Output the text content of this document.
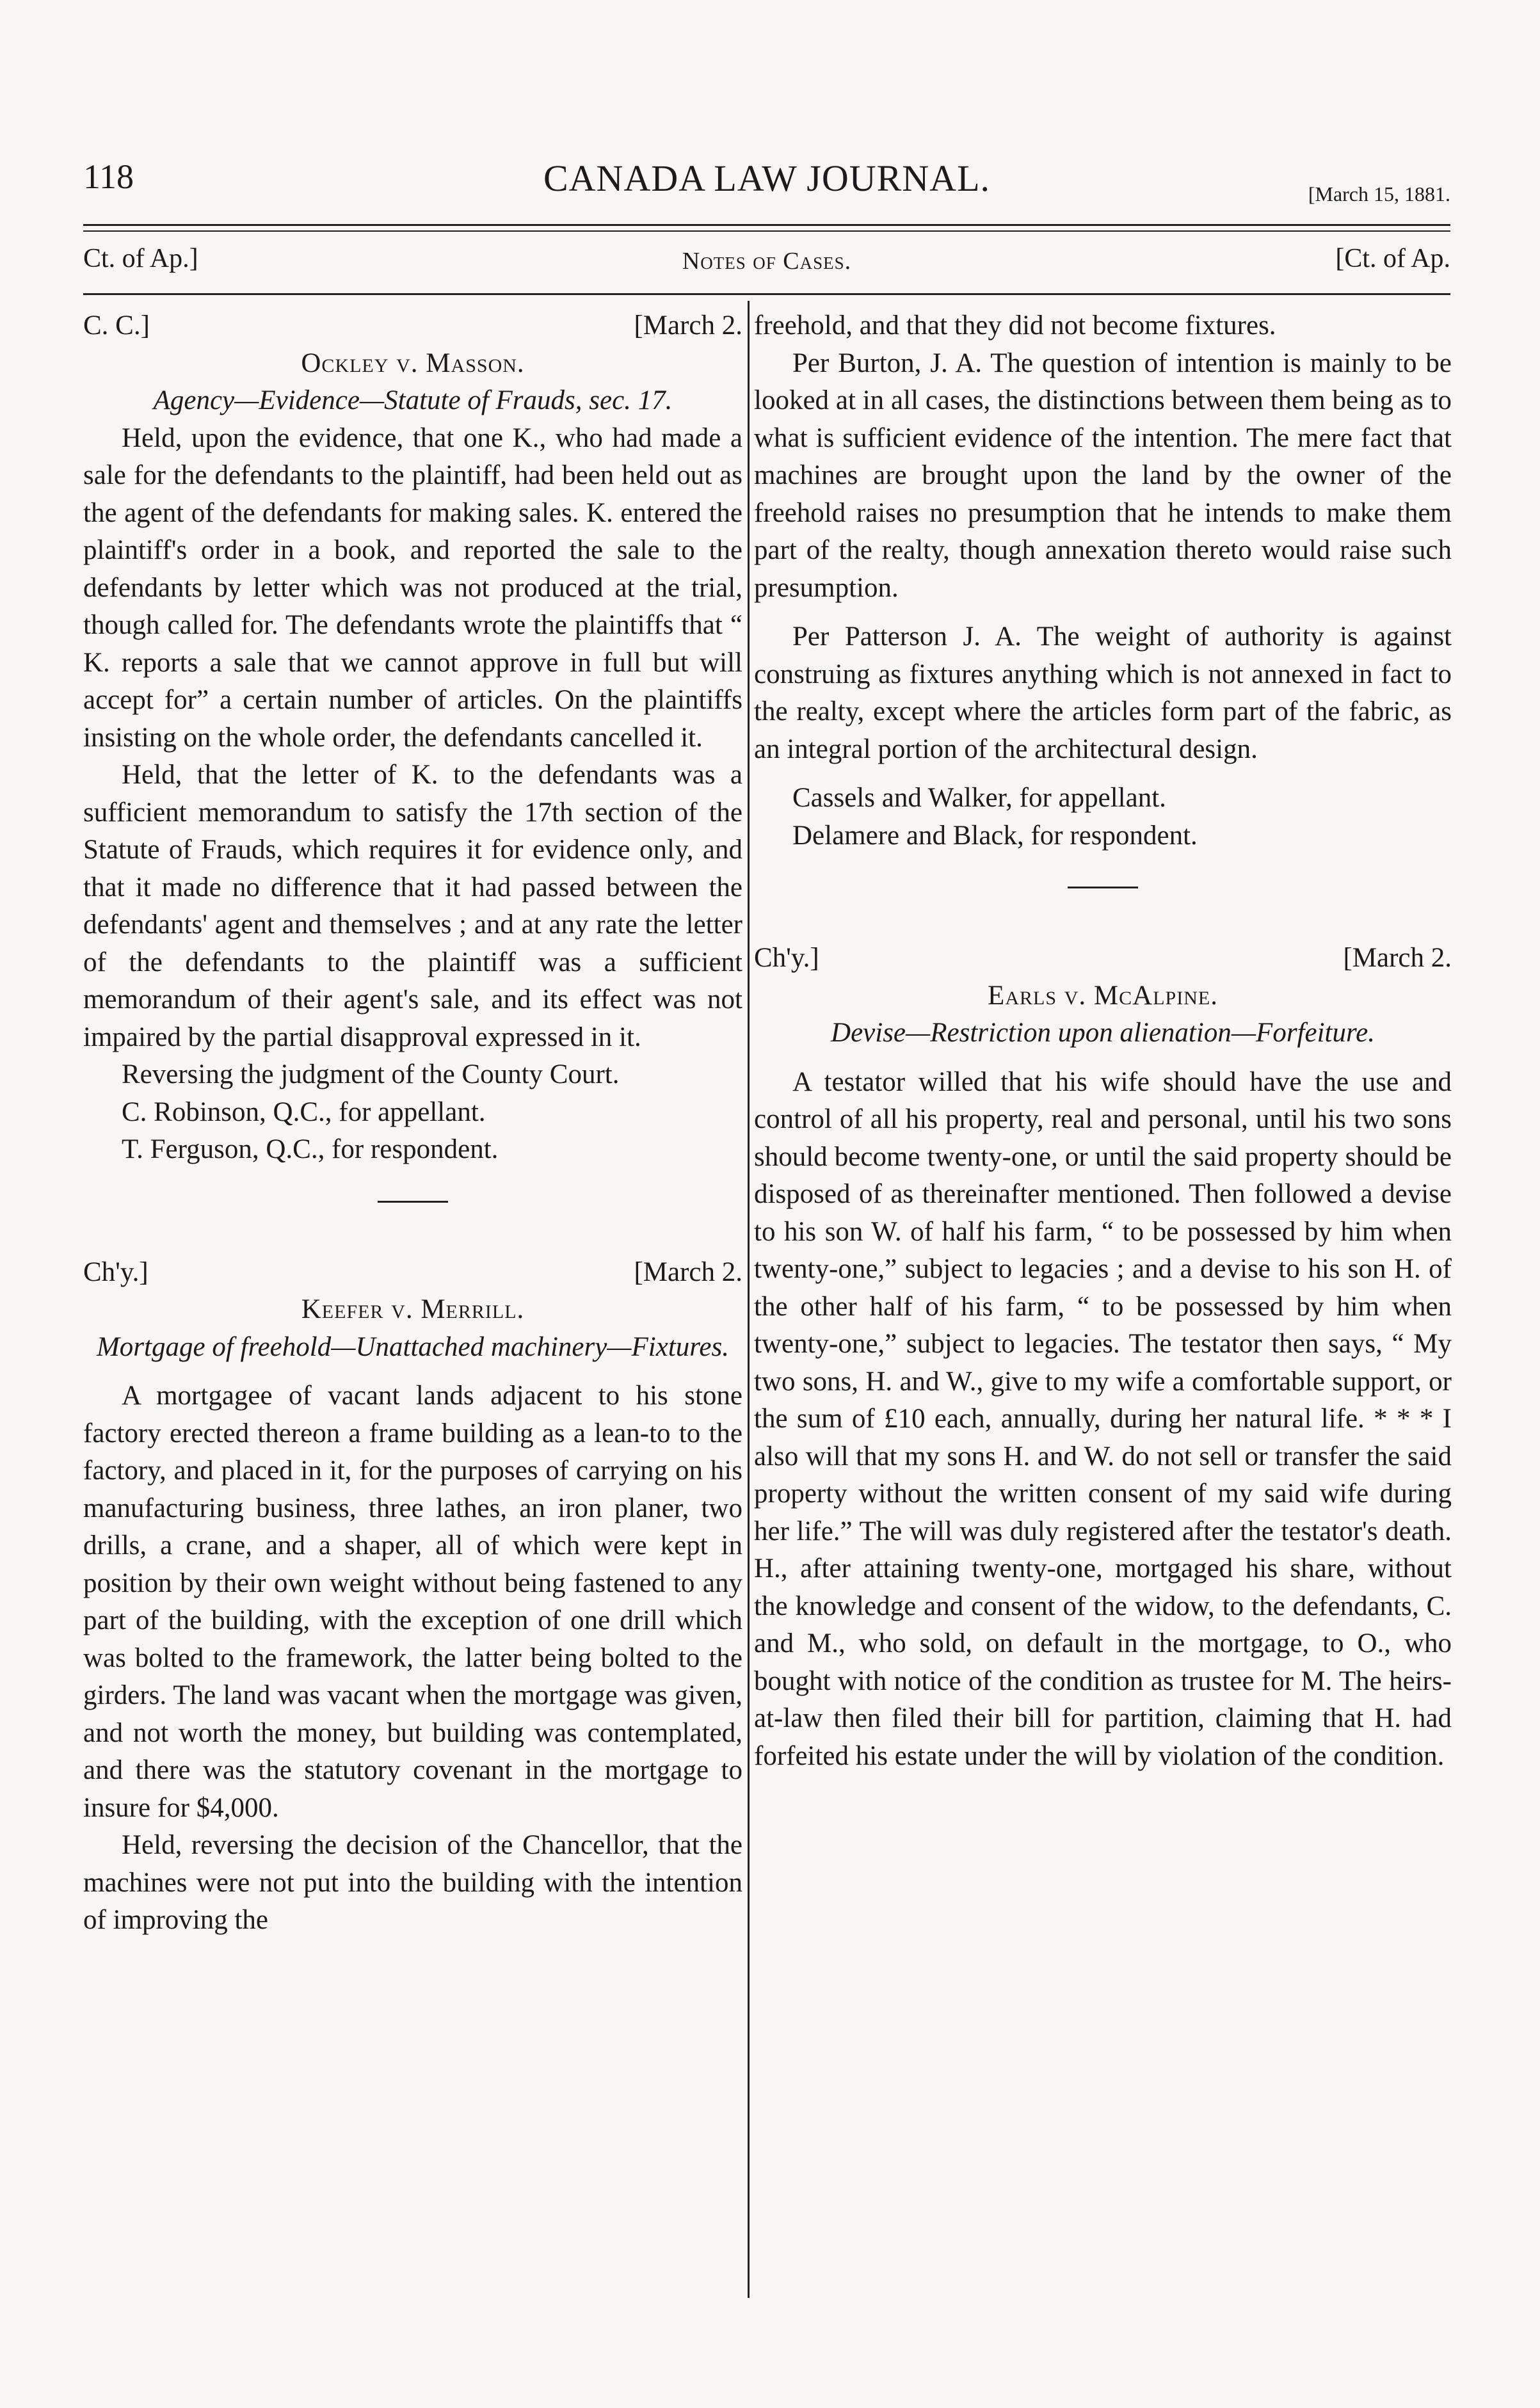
118	CANADA LAW JOURNAL.	[March 15, 1881.
Ct. of Ap.]	Notes of Cases.	[Ct. of Ap.
C. C.]	[March 2.

Ockley v. Masson.

Agency—Evidence—Statute of Frauds, sec. 17.

Held, upon the evidence, that one K., who had made a sale for the defendants to the plaintiff, had been held out as the agent of the defendants for making sales. K. entered the plaintiff's order in a book, and reported the sale to the defendants by letter which was not produced at the trial, though called for. The defendants wrote the plaintiffs that “ K. reports a sale that we cannot approve in full but will accept for” a certain number of articles. On the plaintiffs insisting on the whole order, the defendants cancelled it.

Held, that the letter of K. to the defendants was a sufficient memorandum to satisfy the 17th section of the Statute of Frauds, which requires it for evidence only, and that it made no difference that it had passed between the defendants' agent and themselves ; and at any rate the letter of the defendants to the plaintiff was a sufficient memorandum of their agent's sale, and its effect was not impaired by the partial disapproval expressed in it.

Reversing the judgment of the County Court.

C. Robinson, Q.C., for appellant.

T. Ferguson, Q.C., for respondent.

Ch'y.]	[March 2.

Keefer v. Merrill.

Mortgage of freehold—Unattached machinery—Fixtures.

A mortgagee of vacant lands adjacent to his stone factory erected thereon a frame building as a lean-to to the factory, and placed in it, for the purposes of carrying on his manufacturing business, three lathes, an iron planer, two drills, a crane, and a shaper, all of which were kept in position by their own weight without being fastened to any part of the building, with the exception of one drill which was bolted to the framework, the latter being bolted to the girders. The land was vacant when the mortgage was given, and not worth the money, but building was contemplated, and there was the statutory covenant in the mortgage to insure for $4,000.

Held, reversing the decision of the Chancellor, that the machines were not put into the building with the intention of improving the

freehold, and that they did not become fixtures.

Per Burton, J. A. The question of intention is mainly to be looked at in all cases, the distinctions between them being as to what is sufficient evidence of the intention. The mere fact that machines are brought upon the land by the owner of the freehold raises no presumption that he intends to make them part of the realty, though annexation thereto would raise such presumption.

Per Patterson J. A. The weight of authority is against construing as fixtures anything which is not annexed in fact to the realty, except where the articles form part of the fabric, as an integral portion of the architectural design.

Cassels and Walker, for appellant.

Delamere and Black, for respondent.

Ch'y.]	[March 2.

Earls v. McAlpine.

Devise—Restriction upon alienation—Forfeiture.

A testator willed that his wife should have the use and control of all his property, real and personal, until his two sons should become twenty-one, or until the said property should be disposed of as thereinafter mentioned. Then followed a devise to his son W. of half his farm, “ to be possessed by him when twenty-one,” subject to legacies ; and a devise to his son H. of the other half of his farm, “ to be possessed by him when twenty-one,” subject to legacies. The testator then says, “ My two sons, H. and W., give to my wife a comfortable support, or the sum of £10 each, annually, during her natural life. * * * I also will that my sons H. and W. do not sell or transfer the said property without the written consent of my said wife during her life.” The will was duly registered after the testator's death. H., after attaining twenty-one, mortgaged his share, without the knowledge and consent of the widow, to the defendants, C. and M., who sold, on default in the mortgage, to O., who bought with notice of the condition as trustee for M. The heirs-at-law then filed their bill for partition, claiming that H. had forfeited his estate under the will by violation of the condition.
